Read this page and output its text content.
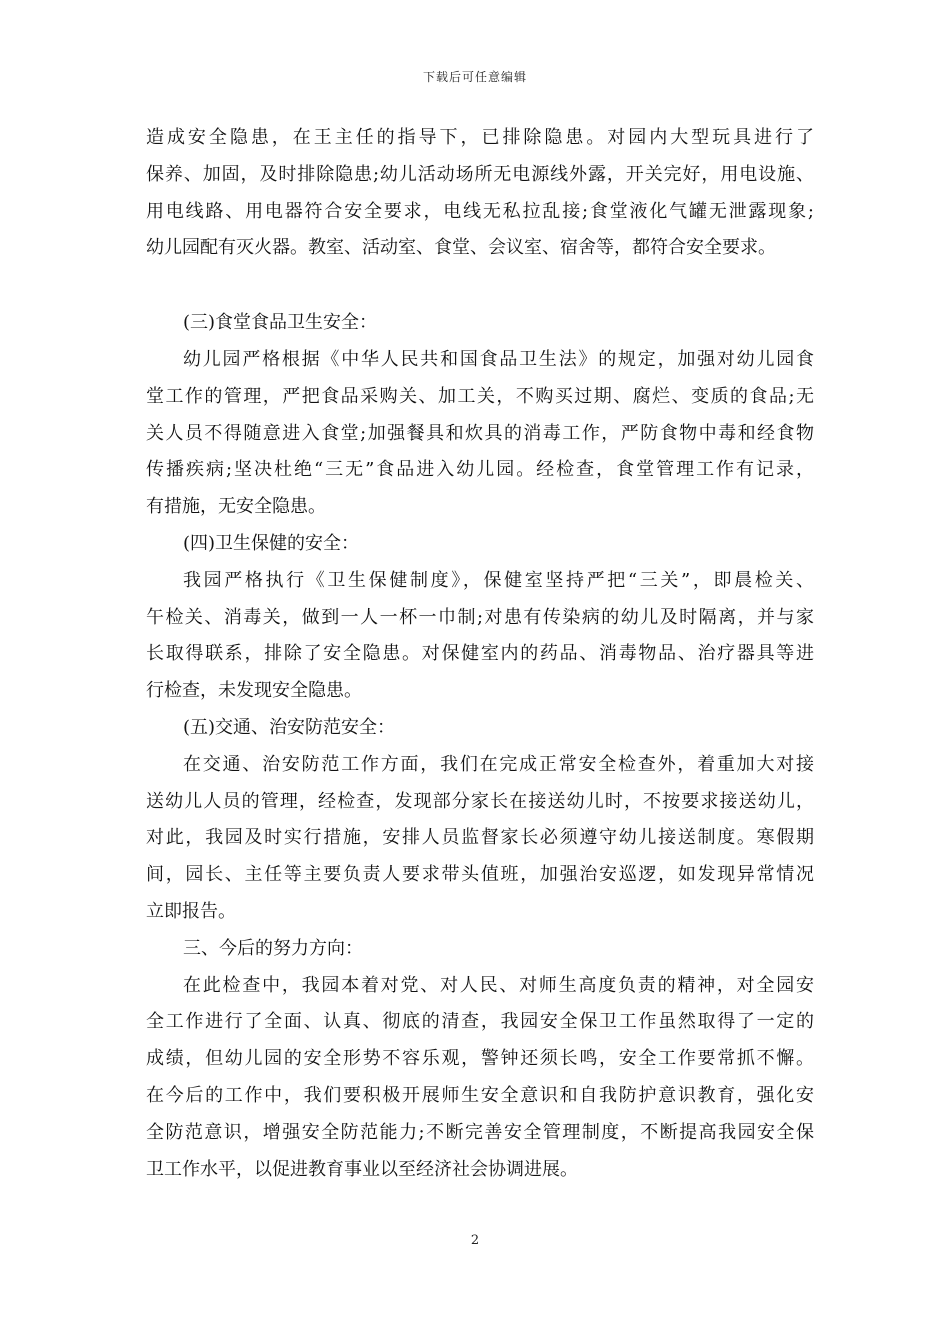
下载后可任意编辑
造成安全隐患，在王主任的指导下，已排除隐患。对园内大型玩具进行了
保养、加固，及时排除隐患;幼儿活动场所无电源线外露，开关完好，用电设施、
用电线路、用电器符合安全要求，电线无私拉乱接;食堂液化气罐无泄露现象;
幼儿园配有灭火器。教室、活动室、食堂、会议室、宿舍等，都符合安全要求。
(三)食堂食品卫生安全：
幼儿园严格根据《中华人民共和国食品卫生法》的规定，加强对幼儿园食
堂工作的管理，严把食品采购关、加工关，不购买过期、腐烂、变质的食品;无
关人员不得随意进入食堂;加强餐具和炊具的消毒工作，严防食物中毒和经食物
传播疾病;坚决杜绝“三无”食品进入幼儿园。经检查，食堂管理工作有记录，
有措施，无安全隐患。
(四)卫生保健的安全：
我园严格执行《卫生保健制度》，保健室坚持严把“三关”，即晨检关、
午检关、消毒关，做到一人一杯一巾制;对患有传染病的幼儿及时隔离，并与家
长取得联系，排除了安全隐患。对保健室内的药品、消毒物品、治疗器具等进
行检查，未发现安全隐患。
(五)交通、治安防范安全：
在交通、治安防范工作方面，我们在完成正常安全检查外，着重加大对接
送幼儿人员的管理，经检查，发现部分家长在接送幼儿时，不按要求接送幼儿，
对此，我园及时实行措施，安排人员监督家长必须遵守幼儿接送制度。寒假期
间，园长、主任等主要负责人要求带头值班，加强治安巡逻，如发现异常情况
立即报告。
三、今后的努力方向：
在此检查中，我园本着对党、对人民、对师生高度负责的精神，对全园安
全工作进行了全面、认真、彻底的清查，我园安全保卫工作虽然取得了一定的
成绩，但幼儿园的安全形势不容乐观，警钟还须长鸣，安全工作要常抓不懈。
在今后的工作中，我们要积极开展师生安全意识和自我防护意识教育，强化安
全防范意识，增强安全防范能力;不断完善安全管理制度，不断提高我园安全保
卫工作水平，以促进教育事业以至经济社会协调进展。
2
